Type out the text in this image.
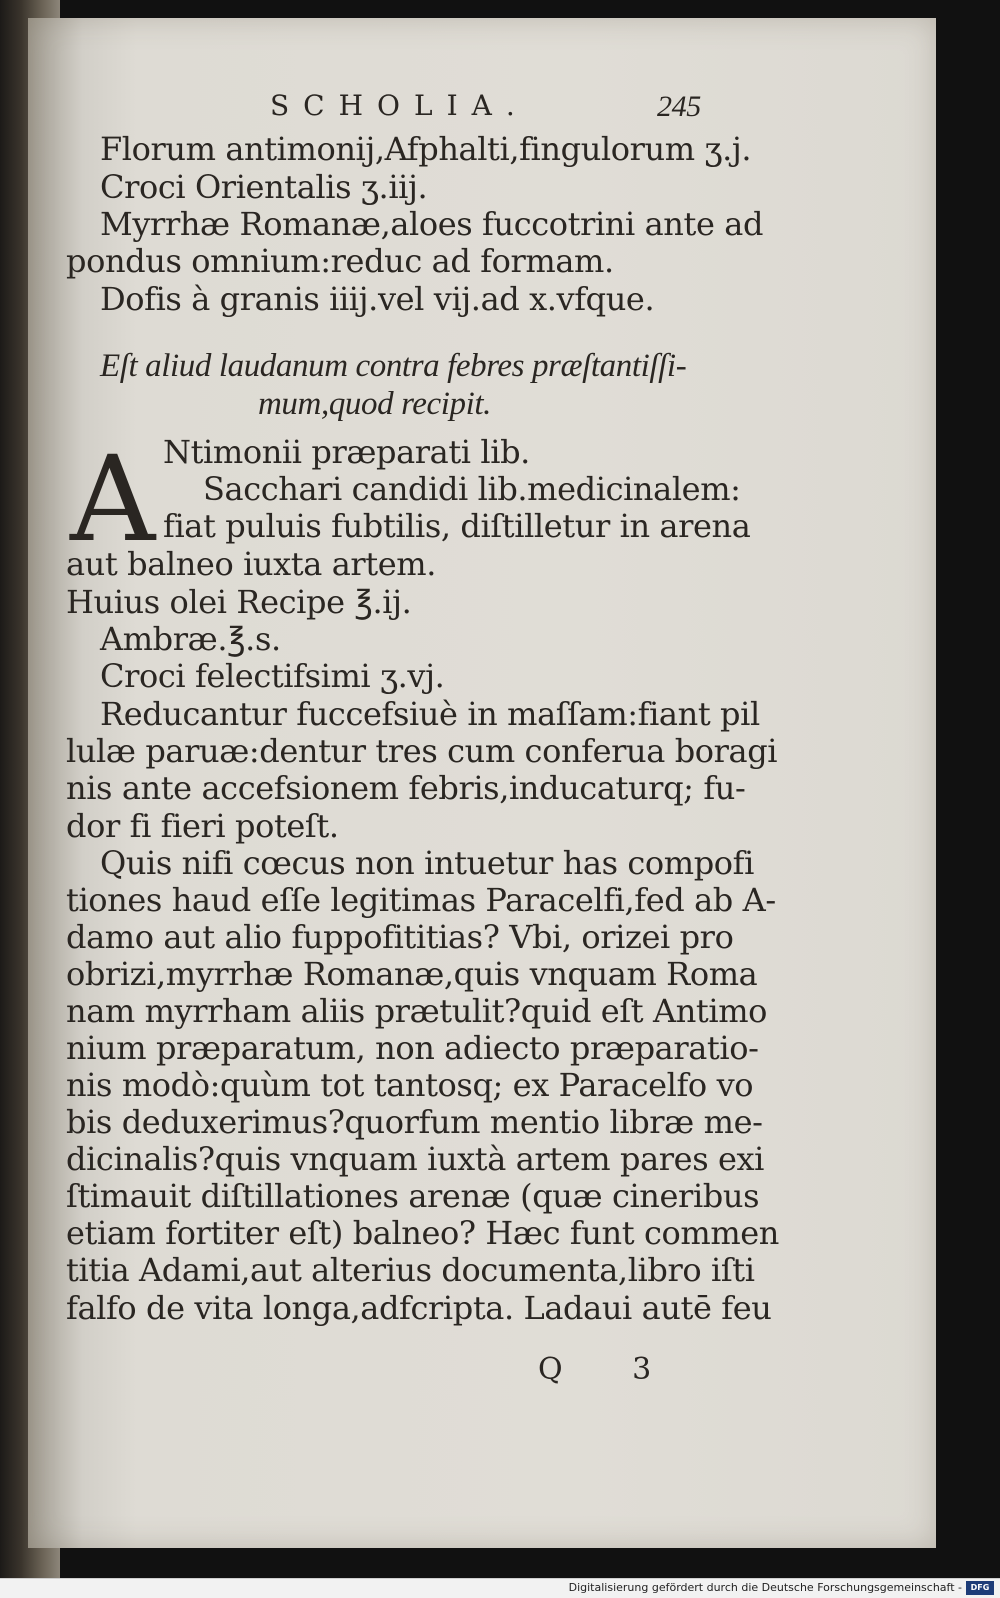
SCHOLIA.	245
Florum antimonij,Afphalti,fingulorum ʒ.j.
Croci Orientalis ʒ.iij.
Myrrhæ Romanæ,aloes fuccotrini ante ad
pondus omnium:reduc ad formam.
Dofis à granis iiij.vel vij.ad x.vfque.
Eſt aliud laudanum contra febres præſtantiſſi-
mum,quod recipit.
A Ntimonii præparati lib.
Sacchari candidi lib.medicinalem:
fiat puluis fubtilis, diſtilletur in arena
aut balneo iuxta artem.
Huius olei Recipe ℥.ij.
Ambræ.℥.s.
Croci felectifsimi ʒ.vj.
Reducantur fuccefsiuè in maſſam:fiant pil
lulæ paruæ:dentur tres cum conferua boragi
nis ante accefsionem febris,inducaturq; fu-
dor fi fieri poteſt.
Quis nifi cœcus non intuetur has compofi
tiones haud eſſe legitimas Paracelfi,fed ab A-
damo aut alio fuppofititias? Vbi, orizei pro
obrizi,myrrhæ Romanæ,quis vnquam Roma
nam myrrham aliis prætulit?quid eſt Antimo
nium præparatum, non adiecto præparatio-
nis modò:quùm tot tantosq; ex Paracelfo vo
bis deduxerimus?quorfum mentio libræ me-
dicinalis?quis vnquam iuxtà artem pares exi
ſtimauit diſtillationes arenæ (quæ cineribus
etiam fortiter eſt) balneo? Hæc funt commen
titia Adami,aut alterius documenta,libro iſti
falfo de vita longa,adfcripta. Ladaui autē feu
Q 3
Digitalisierung gefördert durch die Deutsche Forschungsgemeinschaft -	DFG
